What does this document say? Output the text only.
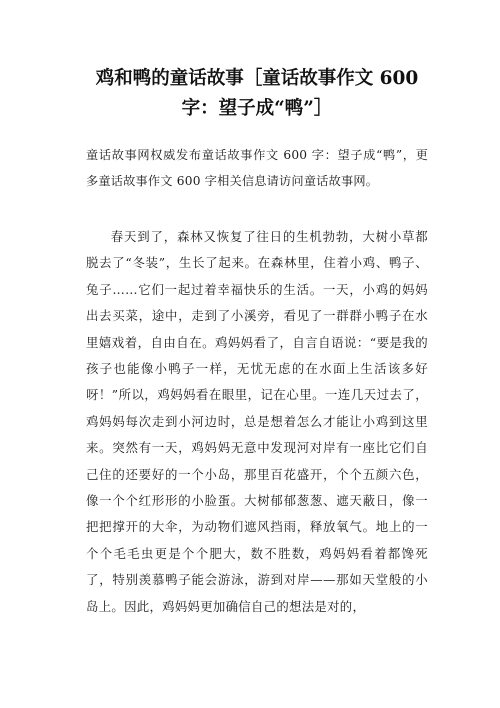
鸡和鸭的童话故事［童话故事作文 600 字：望子成“鸭”］

童话故事网权威发布童话故事作文 600 字：望子成“鸭”，更多童话故事作文 600 字相关信息请访问童话故事网。

春天到了，森林又恢复了往日的生机勃勃，大树小草都脱去了“冬装”，生长了起来。在森林里，住着小鸡、鸭子、兔子……它们一起过着幸福快乐的生活。一天，小鸡的妈妈出去买菜，途中，走到了小溪旁，看见了一群群小鸭子在水里嬉戏着，自由自在。鸡妈妈看了，自言自语说：“要是我的孩子也能像小鸭子一样，无忧无虑的在水面上生活该多好呀！”所以，鸡妈妈看在眼里，记在心里。一连几天过去了，鸡妈妈每次走到小河边时，总是想着怎么才能让小鸡到这里来。突然有一天，鸡妈妈无意中发现河对岸有一座比它们自己住的还要好的一个小岛，那里百花盛开，个个五颜六色，像一个个红形形的小脸蛋。大树郁郁葱葱、遮天蔽日，像一把把撑开的大伞，为动物们遮风挡雨，释放氧气。地上的一个个毛毛虫更是个个肥大，数不胜数，鸡妈妈看着都馋死了，特别羡慕鸭子能会游泳，游到对岸——那如天堂般的小岛上。因此，鸡妈妈更加确信自己的想法是对的，
